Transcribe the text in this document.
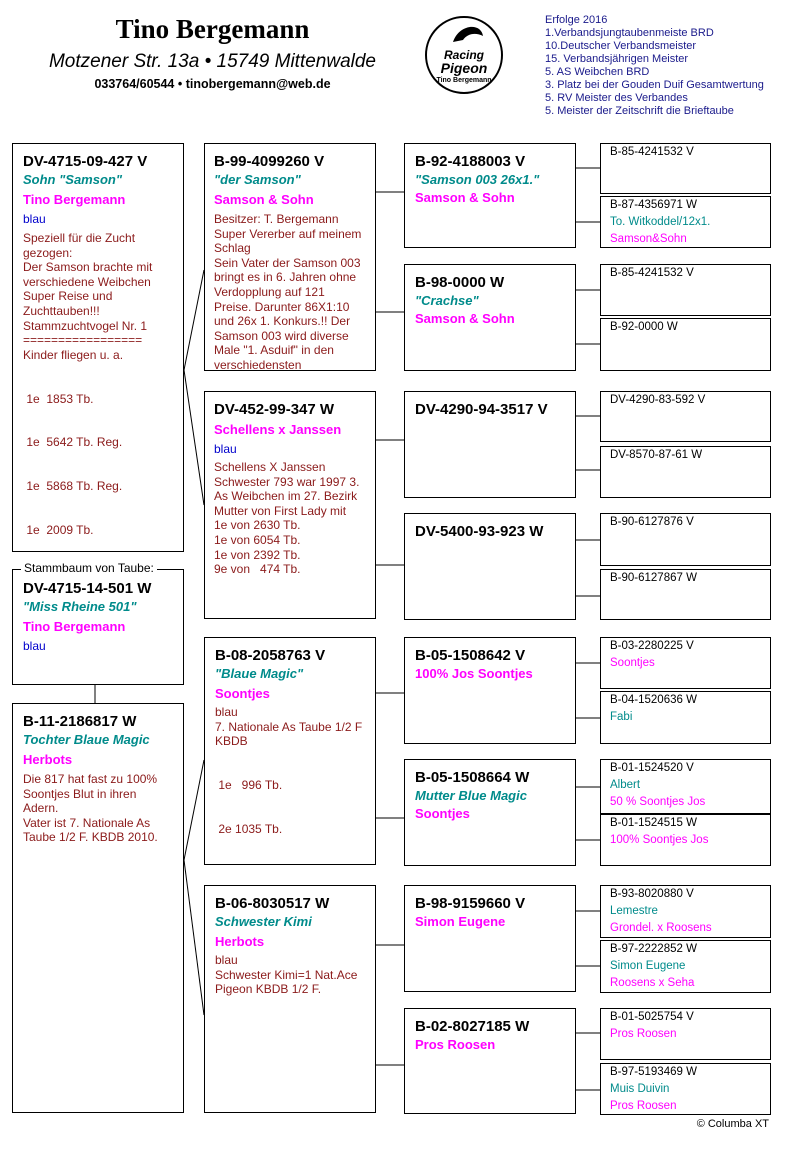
Tino Bergemann
Motzener Str. 13a • 15749 Mittenwalde
033764/60544 • tinobergemann@web.de
Racing
Pigeon
Tino Bergemann
Erfolge 2016
1.Verbandsjungtaubenmeiste BRD
10.Deutscher Verbandsmeister
15. Verbandsjährigen Meister
5. AS Weibchen BRD
3. Platz bei der Gouden Duif Gesamtwertung
5. RV Meister des Verbandes
5. Meister der Zeitschrift die Brieftaube
DV-4715-09-427 V
Sohn "Samson"
Tino Bergemann
blau
Speziell für die Zucht
gezogen:
Der Samson brachte mit
verschiedene Weibchen
Super Reise und
Zuchttauben!!!
Stammzuchtvogel Nr. 1
=================
Kinder fliegen u. a.

1e  1853 Tb.

1e  5642 Tb. Reg.

1e  5868 Tb. Reg.

1e  2009 Tb.

Stammbaum von Taube:
DV-4715-14-501 W
"Miss Rheine 501"
Tino Bergemann
blau
B-11-2186817 W
Tochter Blaue Magic
Herbots
Die 817 hat fast zu 100%
Soontjes Blut in ihren
Adern.
Vater ist 7. Nationale As
Taube 1/2 F. KBDB 2010.
B-99-4099260 V
"der Samson"
Samson & Sohn
Besitzer: T. Bergemann
Super Vererber auf meinem
Schlag
Sein Vater der Samson 003
bringt es in 6. Jahren ohne
Verdopplung auf 121
Preise. Darunter 86X1:10
und 26x 1. Konkurs.!! Der
Samson 003 wird diverse
Male "1. Asduif" in den
verschiedensten
DV-452-99-347 W
Schellens x Janssen
blau
Schellens X Janssen
Schwester 793 war 1997 3.
As Weibchen im 27. Bezirk
Mutter von First Lady mit
1e von 2630 Tb.
1e von 6054 Tb.
1e von 2392 Tb.
9e von   474 Tb.
B-08-2058763 V
"Blaue Magic"
Soontjes
blau
7. Nationale As Taube 1/2 F
KBDB

1e   996 Tb.

2e 1035 Tb.

B-06-8030517 W
Schwester Kimi
Herbots
blau
Schwester Kimi=1 Nat.Ace
Pigeon KBDB 1/2 F.
B-92-4188003 V
"Samson 003 26x1."
Samson & Sohn
B-98-0000 W
"Crachse"
Samson & Sohn
DV-4290-94-3517 V
DV-5400-93-923 W
B-05-1508642 V
100% Jos Soontjes
B-05-1508664 W
Mutter Blue Magic
Soontjes
B-98-9159660 V
Simon Eugene
B-02-8027185 W
Pros Roosen
B-85-4241532 V
B-87-4356971 W
To. Witkoddel/12x1.
Samson&Sohn
B-85-4241532 V
B-92-0000 W
DV-4290-83-592 V
DV-8570-87-61 W
B-90-6127876 V
B-90-6127867 W
B-03-2280225 V
Soontjes
B-04-1520636 W
Fabi
B-01-1524520 V
Albert
50 % Soontjes Jos
B-01-1524515 W
100% Soontjes Jos
B-93-8020880 V
Lemestre
Grondel. x Roosens
B-97-2222852 W
Simon Eugene
Roosens x Seha
B-01-5025754 V
Pros Roosen
B-97-5193469 W
Muis Duivin
Pros Roosen
© Columba XT
